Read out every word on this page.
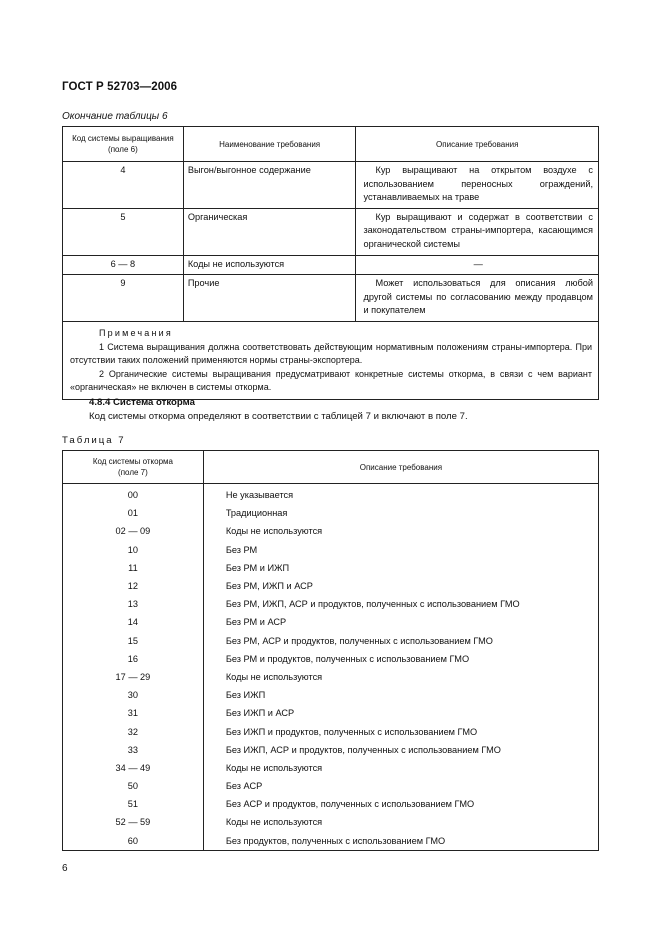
ГОСТ Р 52703—2006
Окончание таблицы 6
Код системы выращивания (поле 6)	Наименование требования	Описание требования
4	Выгон/выгонное содержание	Кур выращивают на открытом воздухе с использованием переносных ограждений, устанавливаемых на траве
5	Органическая	Кур выращивают и содержат в соответствии с законодательством страны-импортера, касающимся органической системы
6 — 8	Коды не используются	—
9	Прочие	Может использоваться для описания любой другой системы по согласованию между продавцом и покупателем

Примечания

1 Система выращивания должна соответствовать действующим нормативным положениям страны-импортера. При отсутствии таких положений применяются нормы страны-экспортера.

2 Органические системы выращивания предусматривают конкретные системы откорма, в связи с чем вариант «органическая» не включен в системы откорма.		

4.8.4 Система откорма
Код системы откорма определяют в соответствии с таблицей 7 и включают в поле 7.
Таблица 7
Код системы откорма (поле 7)	Описание требования

00	Не указывается
01	Традиционная
02 — 09	Коды не используются
10	Без РМ
11	Без РМ и ИЖП
12	Без РМ, ИЖП и АСР
13	Без РМ, ИЖП, АСР и продуктов, полученных с использованием ГМО
14	Без РМ и АСР
15	Без РМ, АСР и продуктов, полученных с использованием ГМО
16	Без РМ и продуктов, полученных с использованием ГМО
17 — 29	Коды не используются
30	Без ИЖП
31	Без ИЖП и АСР
32	Без ИЖП и продуктов, полученных с использованием ГМО
33	Без ИЖП, АСР и продуктов, полученных с использованием ГМО
34 — 49	Коды не используются
50	Без АСР
51	Без АСР и продуктов, полученных с использованием ГМО
52 — 59	Коды не используются
60	Без продуктов, полученных с использованием ГМО
6
